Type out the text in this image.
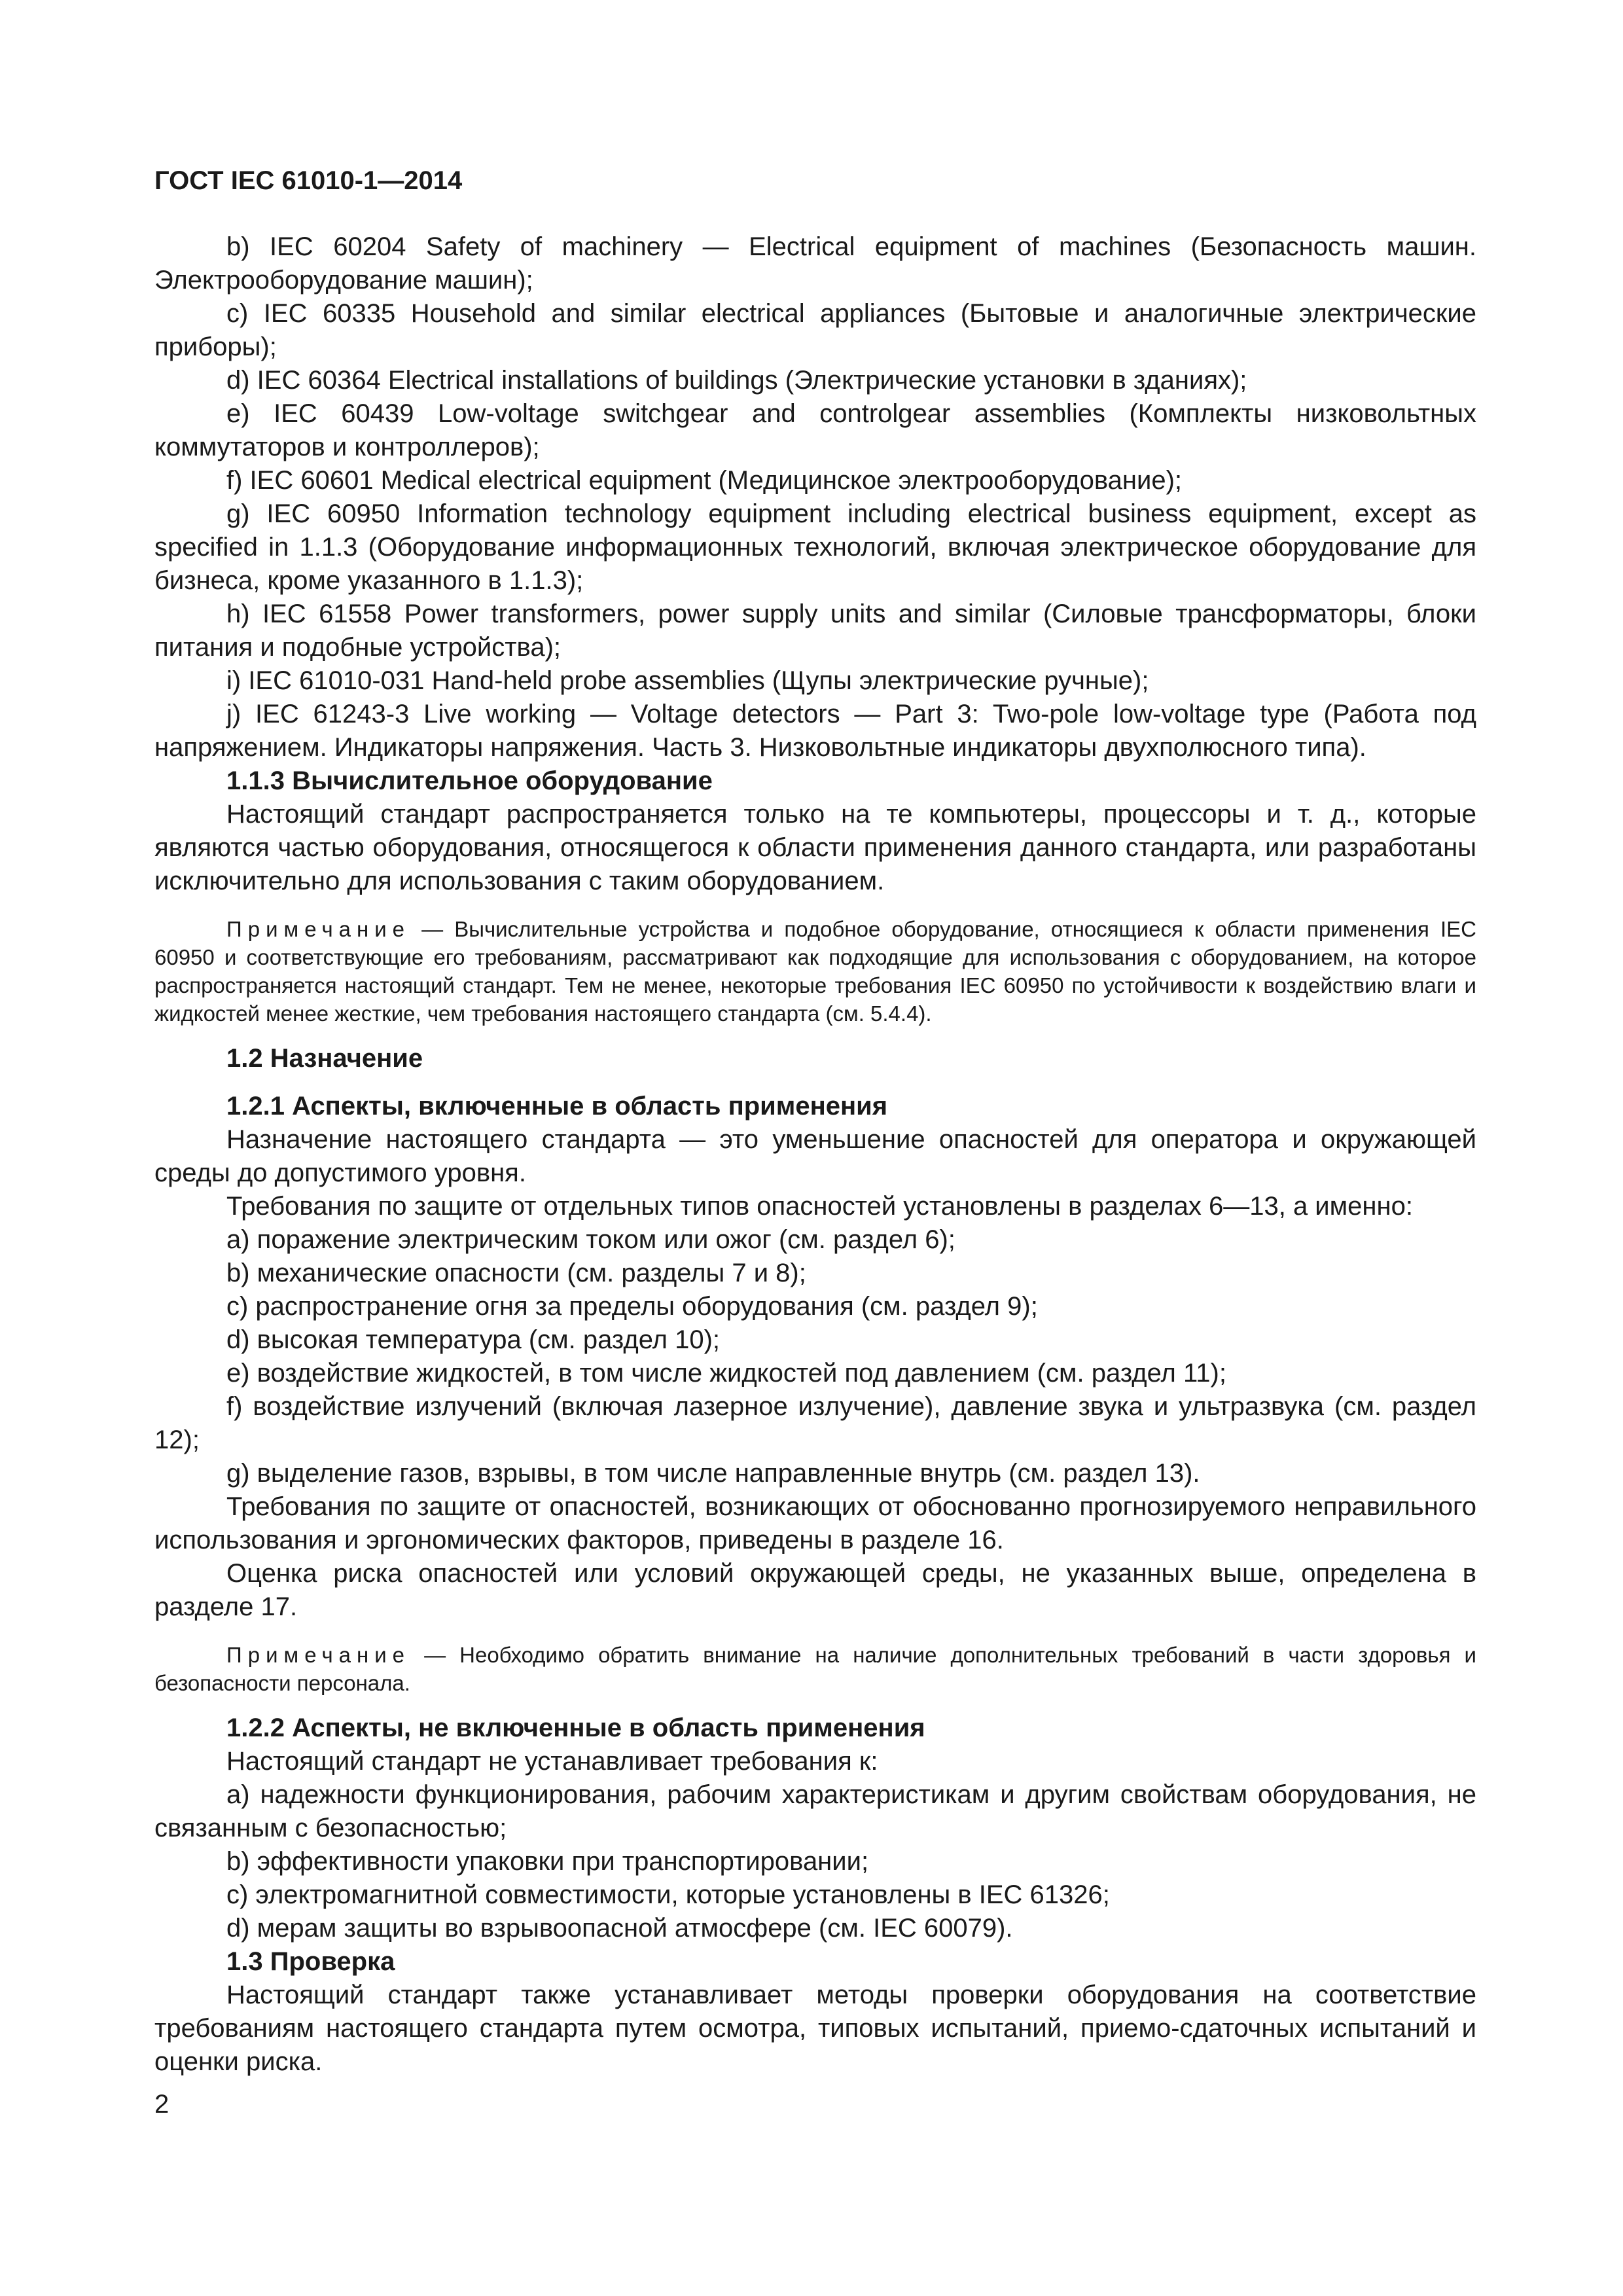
ГОСТ IEC 61010-1—2014
b) IEC 60204 Safety of machinery — Electrical equipment of machines (Безопасность машин. Электрооборудование машин);
c) IEC 60335 Household and similar electrical appliances (Бытовые и аналогичные электрические приборы);
d) IEC 60364 Electrical installations of buildings (Электрические установки в зданиях);
e) IEC 60439 Low-voltage switchgear and controlgear assemblies (Комплекты низковольтных коммутаторов и контроллеров);
f) IEC 60601 Medical electrical equipment (Медицинское электрооборудование);
g) IEC 60950 Information technology equipment including electrical business equipment, except as specified in 1.1.3 (Оборудование информационных технологий, включая электрическое оборудование для бизнеса, кроме указанного в 1.1.3);
h) IEC 61558 Power transformers, power supply units and similar (Силовые трансформаторы, блоки питания и подобные устройства);
i) IEC 61010-031 Hand-held probe assemblies (Щупы электрические ручные);
j) IEC 61243-3 Live working — Voltage detectors — Part 3: Two-pole low-voltage type (Работа под напряжением. Индикаторы напряжения. Часть 3. Низковольтные индикаторы двухполюсного типа).
1.1.3 Вычислительное оборудование
Настоящий стандарт распространяется только на те компьютеры, процессоры и т. д., которые являются частью оборудования, относящегося к области применения данного стандарта, или разработаны исключительно для использования с таким оборудованием.
Примечание — Вычислительные устройства и подобное оборудование, относящиеся к области применения IEC 60950 и соответствующие его требованиям, рассматривают как подходящие для использования с оборудованием, на которое распространяется настоящий стандарт. Тем не менее, некоторые требования IEC 60950 по устойчивости к воздействию влаги и жидкостей менее жесткие, чем требования настоящего стандарта (см. 5.4.4).
1.2 Назначение
1.2.1 Аспекты, включенные в область применения
Назначение настоящего стандарта — это уменьшение опасностей для оператора и окружающей среды до допустимого уровня.
Требования по защите от отдельных типов опасностей установлены в разделах 6—13, а именно:
a) поражение электрическим током или ожог (см. раздел 6);
b) механические опасности (см. разделы 7 и 8);
c) распространение огня за пределы оборудования (см. раздел 9);
d) высокая температура (см. раздел 10);
e) воздействие жидкостей, в том числе жидкостей под давлением (см. раздел 11);
f) воздействие излучений (включая лазерное излучение), давление звука и ультразвука (см. раздел 12);
g) выделение газов, взрывы, в том числе направленные внутрь (см. раздел 13).
Требования по защите от опасностей, возникающих от обоснованно прогнозируемого неправильного использования и эргономических факторов, приведены в разделе 16.
Оценка риска опасностей или условий окружающей среды, не указанных выше, определена в разделе 17.
Примечание — Необходимо обратить внимание на наличие дополнительных требований в части здоровья и безопасности персонала.
1.2.2 Аспекты, не включенные в область применения
Настоящий стандарт не устанавливает требования к:
a) надежности функционирования, рабочим характеристикам и другим свойствам оборудования, не связанным с безопасностью;
b) эффективности упаковки при транспортировании;
c) электромагнитной совместимости, которые установлены в IEC 61326;
d) мерам защиты во взрывоопасной атмосфере (см. IEC 60079).
1.3 Проверка
Настоящий стандарт также устанавливает методы проверки оборудования на соответствие требованиям настоящего стандарта путем осмотра, типовых испытаний, приемо-сдаточных испытаний и оценки риска.
2
